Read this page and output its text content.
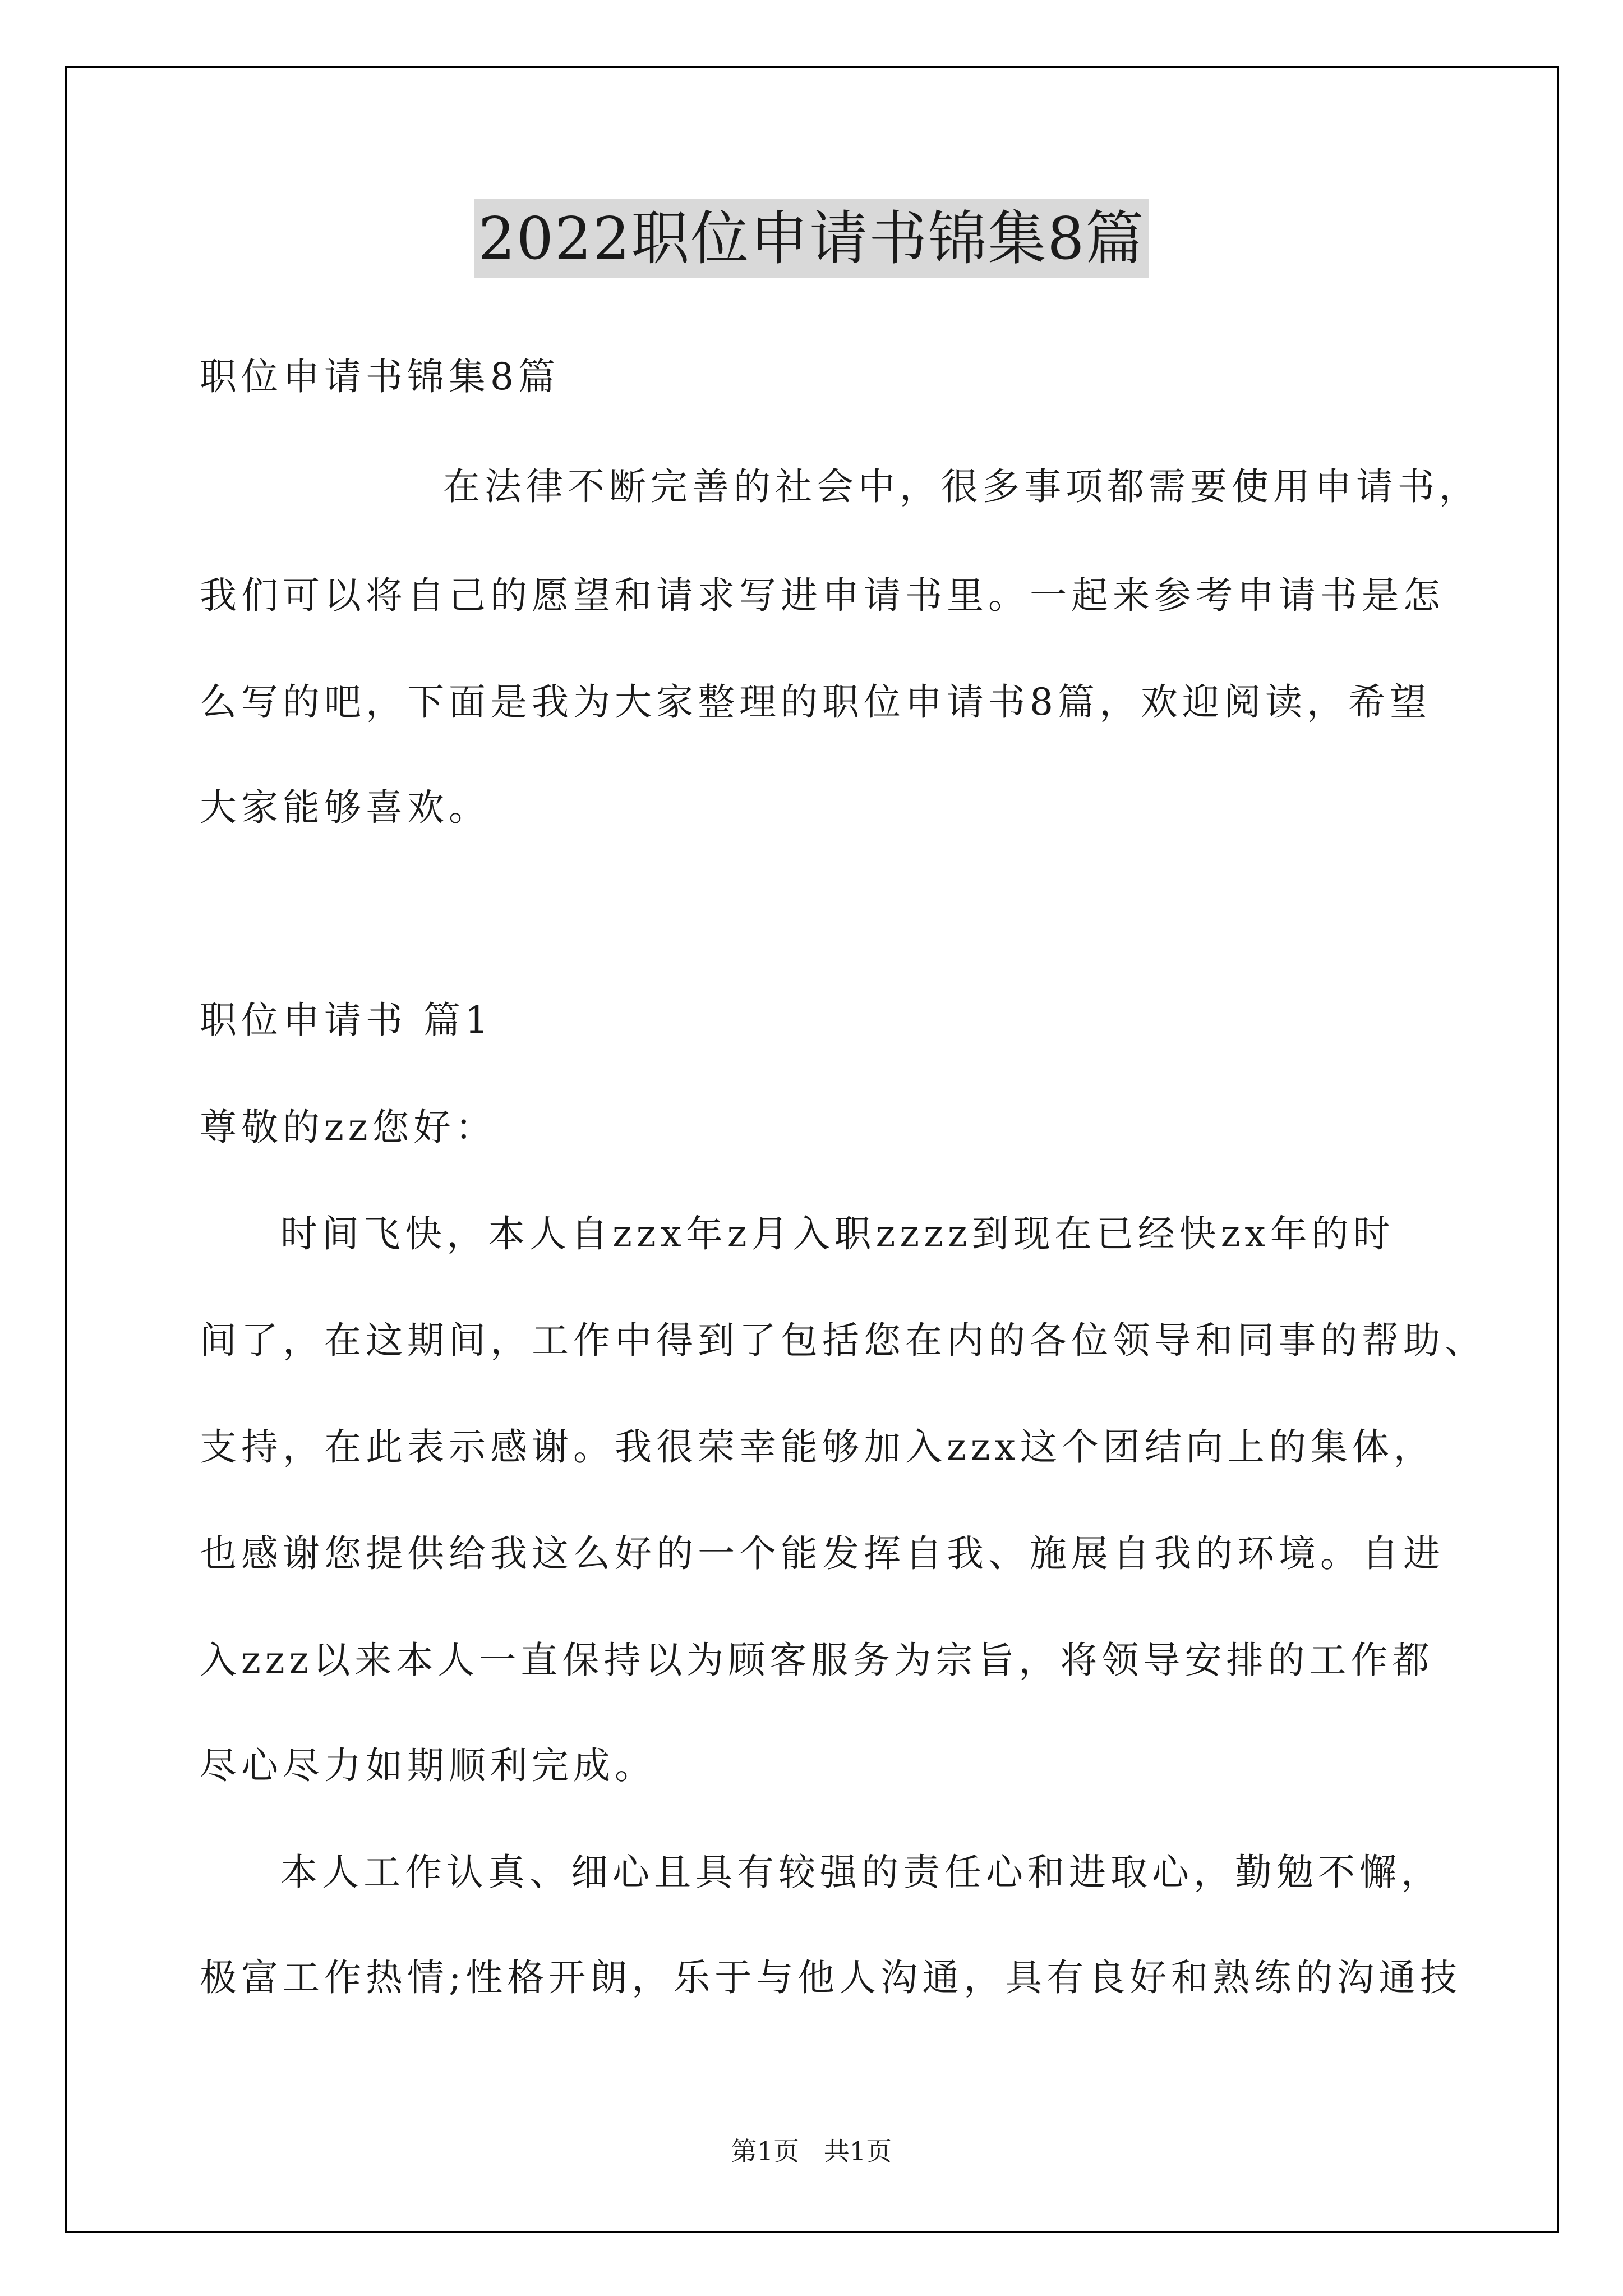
2022职位申请书锦集8篇
职位申请书锦集8篇
在法律不断完善的社会中，很多事项都需要使用申请书，
我们可以将自己的愿望和请求写进申请书里。一起来参考申请书是怎
么写的吧，下面是我为大家整理的职位申请书8篇，欢迎阅读，希望
大家能够喜欢。
职位申请书 篇1
尊敬的zz您好：
时间飞快，本人自zzx年z月入职zzzz到现在已经快zx年的时
间了，在这期间，工作中得到了包括您在内的各位领导和同事的帮助、
支持，在此表示感谢。我很荣幸能够加入zzx这个团结向上的集体，
也感谢您提供给我这么好的一个能发挥自我、施展自我的环境。自进
入zzz以来本人一直保持以为顾客服务为宗旨，将领导安排的工作都
尽心尽力如期顺利完成。
本人工作认真、细心且具有较强的责任心和进取心，勤勉不懈，
极富工作热情;性格开朗，乐于与他人沟通，具有良好和熟练的沟通技
第1页   共1页
